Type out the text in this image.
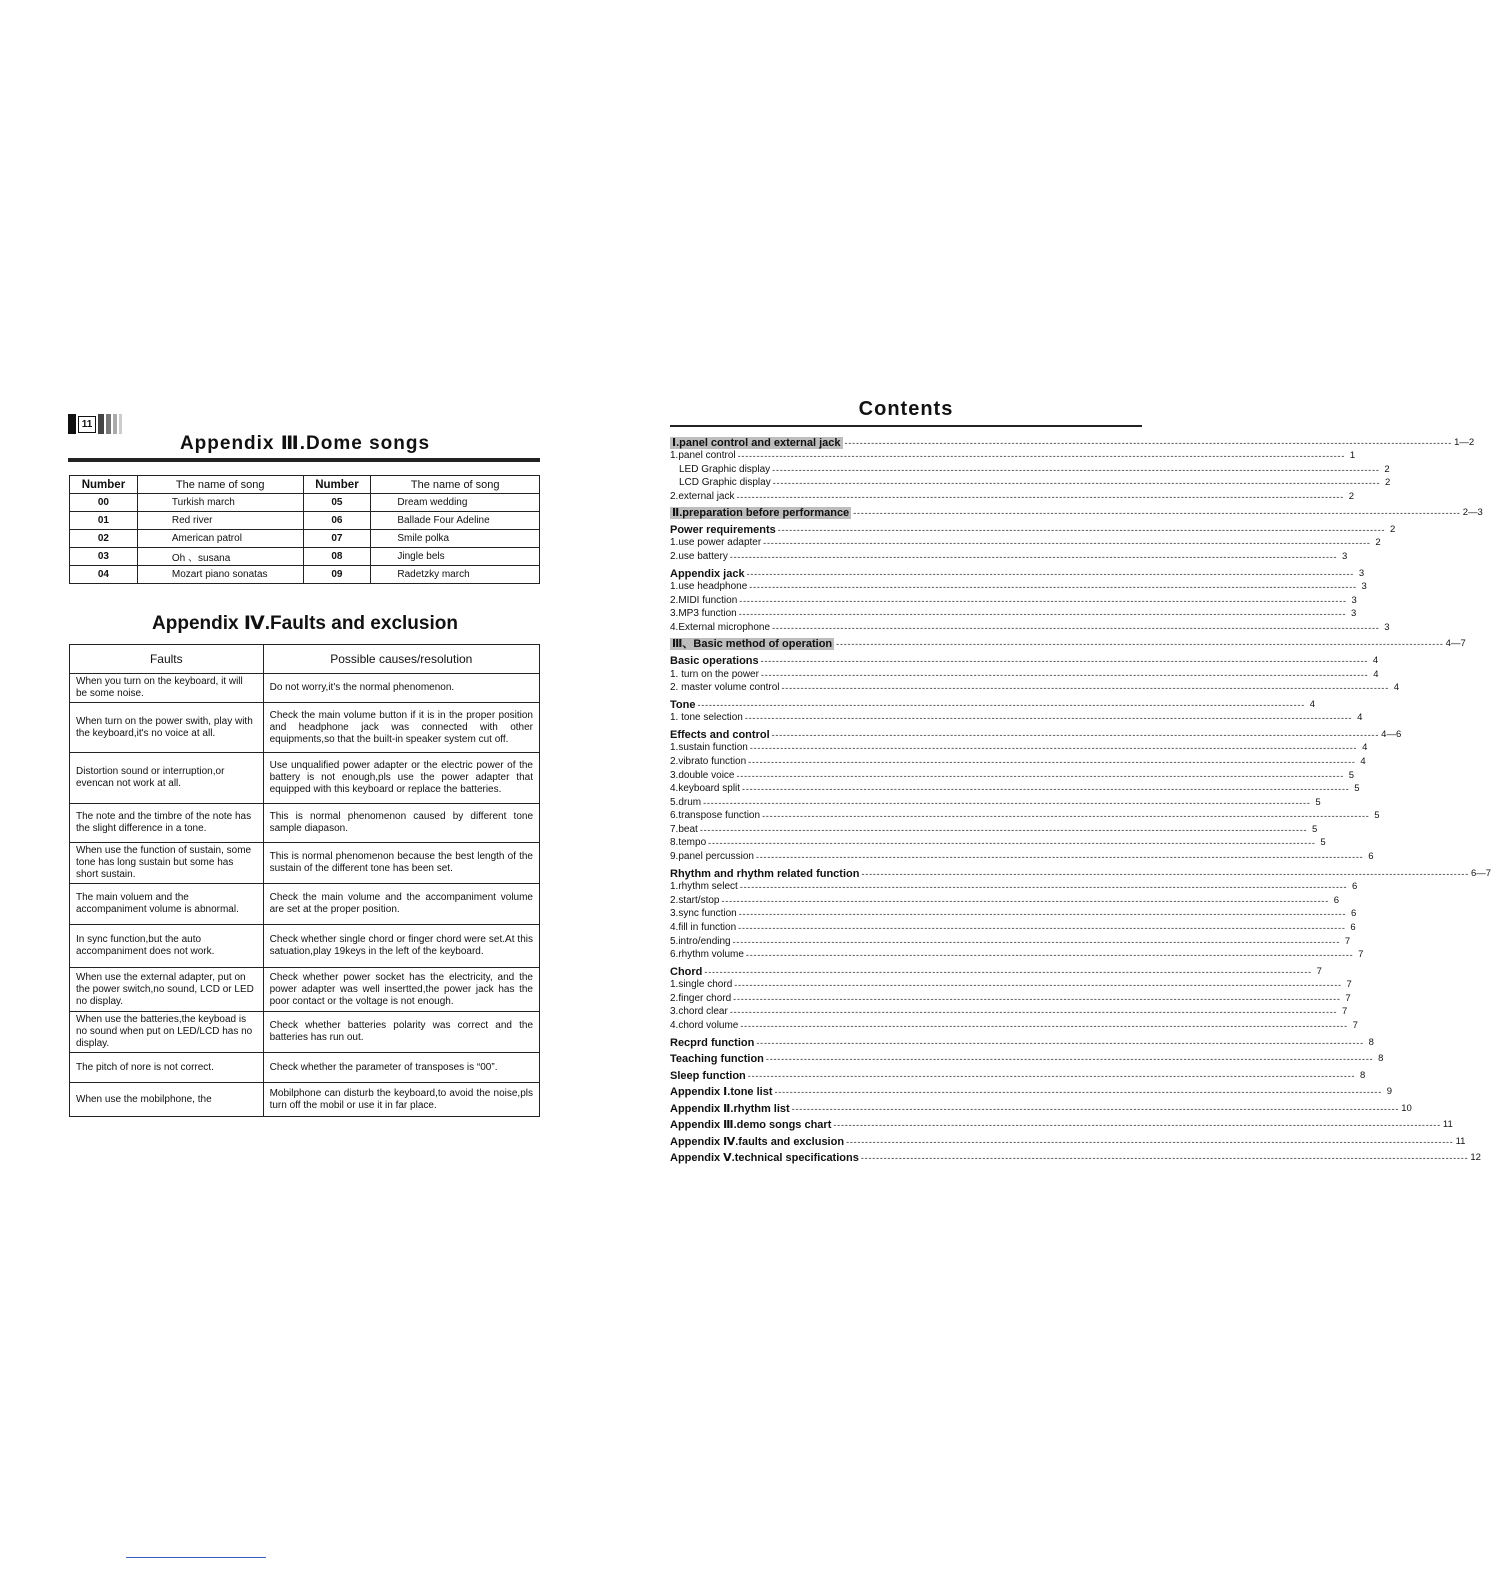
11
Appendix Ⅲ.Dome songs
Number	The name of song	Number	The name of song
00	Turkish march	05	Dream wedding
01	Red river	06	Ballade Four Adeline
02	American patrol	07	Smile polka
03	Oh 、susana	08	Jingle bels
04	Mozart piano sonatas	09	Radetzky march
Appendix Ⅳ.Faults and exclusion
Faults	Possible causes/resolution
When you turn on the keyboard, it will be some noise.	Do not worry,it's the normal phenomenon.
When turn on the power swith, play with the keyboard,it's no voice at all.	Check the main volume button if it is in the proper position and headphone jack was connected with other equipments,so that the built-in speaker system cut off.
Distortion sound or interruption,or evencan not work at all.	Use unqualified power adapter or the electric power of the battery is not enough,pls use the power adapter that equipped with this keyboard or replace the batteries.
The note and the timbre of the note has the slight difference in a tone.	This is normal phenomenon caused by different tone sample diapason.
When use the function of sustain, some tone has long sustain but some has short sustain.	This is normal phenomenon because the best length of the sustain of the different tone has been set.
The main voluem and the accompaniment volume is abnormal.	Check the main volume and the accompaniment volume are set at the proper position.
In sync function,but the auto accompaniment does not work.	Check whether single chord or finger chord were set.At this satuation,play 19keys in the left of the keyboard.
When use the external adapter, put on the power switch,no sound, LCD or LED no display.	Check whether power socket has the electricity, and the power adapter was well insertted,the power jack has the poor contact or the voltage is not enough.
When use the batteries,the keyboad is no sound when put on LED/LCD has no display.	Check whether batteries polarity was correct and the batteries has run out.
The pitch of nore is not correct.	Check whether the parameter of transposes is “00”.
When use the mobilphone, the	Mobilphone can disturb the keyboard,to avoid the noise,pls turn off the mobil or use it in far place.
Contents
Ⅰ.panel control and external jack ---------------------------------------------------------------------------------------------------------------------------------------------------------------- 1—2
1.panel control ---------------------------------------------------------------------------------------------------------------------------------------------------------------- 1
LED Graphic display ---------------------------------------------------------------------------------------------------------------------------------------------------------------- 2
LCD Graphic display ---------------------------------------------------------------------------------------------------------------------------------------------------------------- 2
2.external jack ---------------------------------------------------------------------------------------------------------------------------------------------------------------- 2
Ⅱ.preparation before performance ---------------------------------------------------------------------------------------------------------------------------------------------------------------- 2—3
Power requirements ---------------------------------------------------------------------------------------------------------------------------------------------------------------- 2
1.use power adapter ---------------------------------------------------------------------------------------------------------------------------------------------------------------- 2
2.use battery ---------------------------------------------------------------------------------------------------------------------------------------------------------------- 3
Appendix jack ---------------------------------------------------------------------------------------------------------------------------------------------------------------- 3
1.use headphone ---------------------------------------------------------------------------------------------------------------------------------------------------------------- 3
2.MIDI function ---------------------------------------------------------------------------------------------------------------------------------------------------------------- 3
3.MP3 function ---------------------------------------------------------------------------------------------------------------------------------------------------------------- 3
4.External microphone ---------------------------------------------------------------------------------------------------------------------------------------------------------------- 3
Ⅲ、Basic method of operation ---------------------------------------------------------------------------------------------------------------------------------------------------------------- 4—7
Basic operations ---------------------------------------------------------------------------------------------------------------------------------------------------------------- 4
1. turn on the power ---------------------------------------------------------------------------------------------------------------------------------------------------------------- 4
2. master volume control ---------------------------------------------------------------------------------------------------------------------------------------------------------------- 4
Tone ---------------------------------------------------------------------------------------------------------------------------------------------------------------- 4
1. tone selection ---------------------------------------------------------------------------------------------------------------------------------------------------------------- 4
Effects and control ---------------------------------------------------------------------------------------------------------------------------------------------------------------- 4—6
1.sustain function ---------------------------------------------------------------------------------------------------------------------------------------------------------------- 4
2.vibrato function ---------------------------------------------------------------------------------------------------------------------------------------------------------------- 4
3.double voice ---------------------------------------------------------------------------------------------------------------------------------------------------------------- 5
4.keyboard split ---------------------------------------------------------------------------------------------------------------------------------------------------------------- 5
5.drum ---------------------------------------------------------------------------------------------------------------------------------------------------------------- 5
6.transpose function ---------------------------------------------------------------------------------------------------------------------------------------------------------------- 5
7.beat ---------------------------------------------------------------------------------------------------------------------------------------------------------------- 5
8.tempo ---------------------------------------------------------------------------------------------------------------------------------------------------------------- 5
9.panel percussion ---------------------------------------------------------------------------------------------------------------------------------------------------------------- 6
Rhythm and rhythm related function ---------------------------------------------------------------------------------------------------------------------------------------------------------------- 6—7
1.rhythm select ---------------------------------------------------------------------------------------------------------------------------------------------------------------- 6
2.start/stop ---------------------------------------------------------------------------------------------------------------------------------------------------------------- 6
3.sync function ---------------------------------------------------------------------------------------------------------------------------------------------------------------- 6
4.fill in function ---------------------------------------------------------------------------------------------------------------------------------------------------------------- 6
5.intro/ending ---------------------------------------------------------------------------------------------------------------------------------------------------------------- 7
6.rhythm volume ---------------------------------------------------------------------------------------------------------------------------------------------------------------- 7
Chord ---------------------------------------------------------------------------------------------------------------------------------------------------------------- 7
1.single chord ---------------------------------------------------------------------------------------------------------------------------------------------------------------- 7
2.finger chord ---------------------------------------------------------------------------------------------------------------------------------------------------------------- 7
3.chord clear ---------------------------------------------------------------------------------------------------------------------------------------------------------------- 7
4.chord volume ---------------------------------------------------------------------------------------------------------------------------------------------------------------- 7
Recprd function ---------------------------------------------------------------------------------------------------------------------------------------------------------------- 8
Teaching function ---------------------------------------------------------------------------------------------------------------------------------------------------------------- 8
Sleep function ---------------------------------------------------------------------------------------------------------------------------------------------------------------- 8
Appendix Ⅰ.tone list ---------------------------------------------------------------------------------------------------------------------------------------------------------------- 9
Appendix Ⅱ.rhythm list ---------------------------------------------------------------------------------------------------------------------------------------------------------------- 10
Appendix Ⅲ.demo songs chart ---------------------------------------------------------------------------------------------------------------------------------------------------------------- 11
Appendix Ⅳ.faults and exclusion ---------------------------------------------------------------------------------------------------------------------------------------------------------------- 11
Appendix Ⅴ.technical specifications ---------------------------------------------------------------------------------------------------------------------------------------------------------------- 12
